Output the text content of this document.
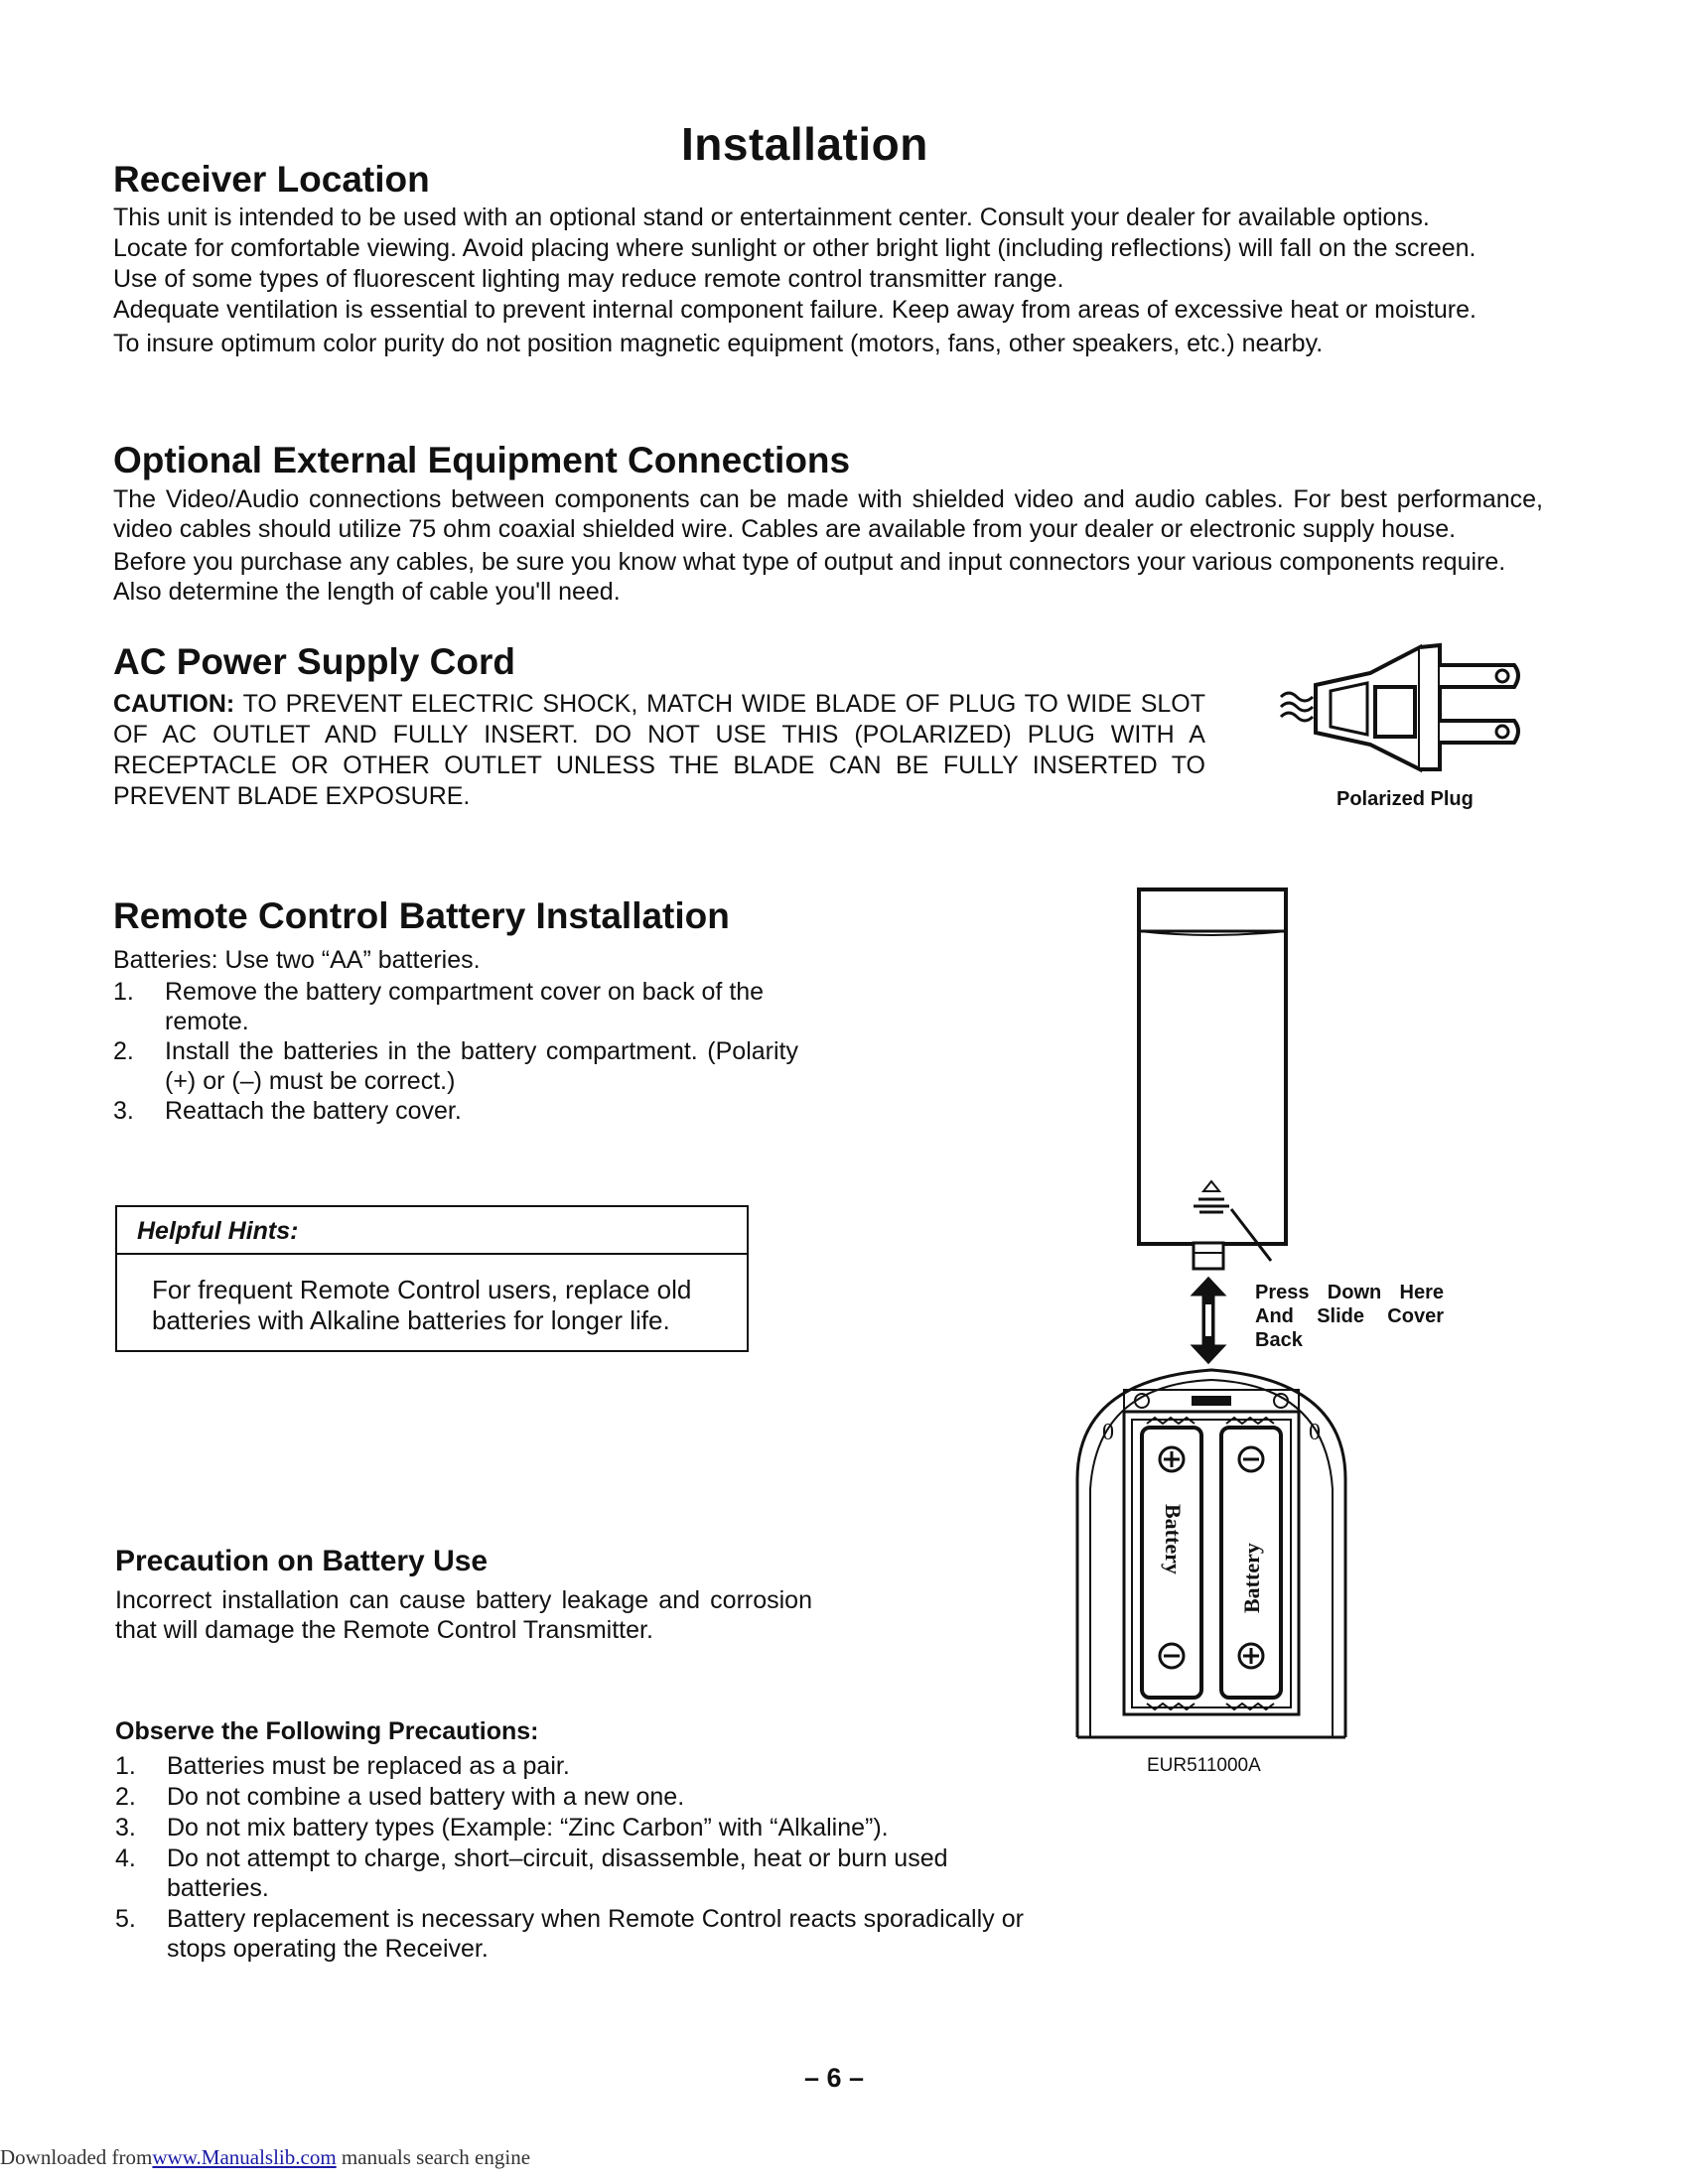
Installation
Receiver Location
This unit is intended to be used with an optional stand or entertainment center. Consult your dealer for available options.
Locate for comfortable viewing. Avoid placing where sunlight or other bright light (including reflections) will fall on the screen.
Use of some types of fluorescent lighting may reduce remote control transmitter range.
Adequate ventilation is essential to prevent internal component failure. Keep away from areas of excessive heat or moisture.
To insure optimum color purity do not position magnetic equipment (motors, fans, other speakers, etc.) nearby.
Optional External Equipment Connections
The Video/Audio connections between components can be made with shielded video and audio cables. For best performance, video cables should utilize 75 ohm coaxial shielded wire. Cables are available from your dealer or electronic supply house.
Before you purchase any cables, be sure you know what type of output and input connectors your various components require. Also determine the length of cable you'll need.
AC Power Supply Cord
CAUTION: TO PREVENT ELECTRIC SHOCK, MATCH WIDE BLADE OF PLUG TO WIDE SLOT OF AC OUTLET AND FULLY INSERT. DO NOT USE THIS (POLARIZED) PLUG WITH A RECEPTACLE OR OTHER OUTLET UNLESS THE BLADE CAN BE FULLY INSERTED TO PREVENT BLADE EXPOSURE.	Polarized Plug
Remote Control Battery Installation
Batteries: Use two “AA” batteries.
1. Remove the battery compartment cover on back of the remote.
2. Install the batteries in the battery compartment. (Polarity (+) or (–) must be correct.)
3. Reattach the battery cover.
Helpful Hints:
For frequent Remote Control users, replace old batteries with Alkaline batteries for longer life.
Battery
Battery
0	0
Press Down Here And Slide Cover Back
EUR511000A
Precaution on Battery Use
Incorrect installation can cause battery leakage and corrosion that will damage the Remote Control Transmitter.
Observe the Following Precautions:
1. Batteries must be replaced as a pair.
2. Do not combine a used battery with a new one.
3. Do not mix battery types (Example: “Zinc Carbon” with “Alkaline”).
4. Do not attempt to charge, short–circuit, disassemble, heat or burn used batteries.
5. Battery replacement is necessary when Remote Control reacts sporadically or stops operating the Receiver.
– 6 –
Downloaded fromwww.Manualslib.com manuals search engine
